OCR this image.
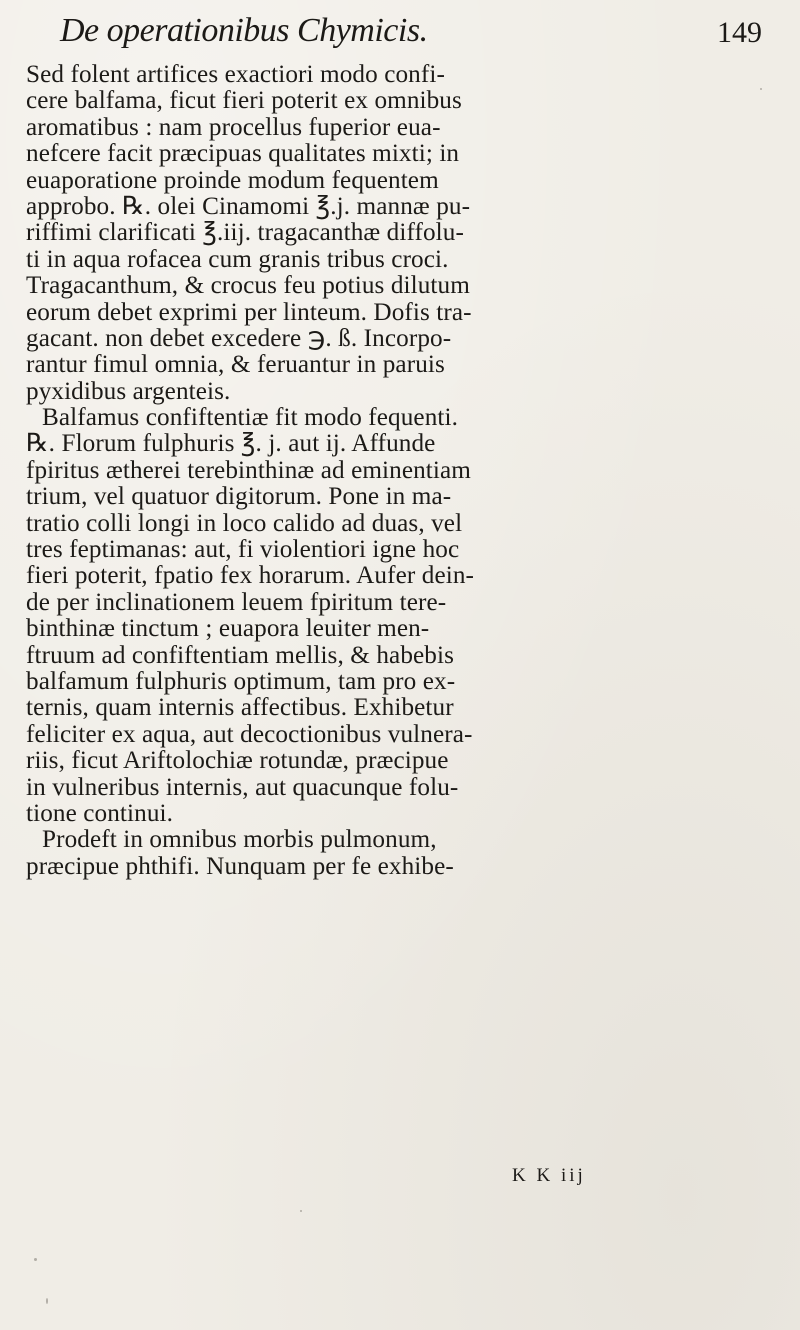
De operationibus Chymicis.	149
Sed folent artifices exactiori modo confi-
cere balfama, ficut fieri poterit ex omnibus
aromatibus : nam procellus fuperior eua-
nefcere facit præcipuas qualitates mixti; in
euaporatione proinde modum fequentem
approbo. ℞. olei Cinamomi ℥.j. mannæ pu-
riffimi clarificati ℥.iij. tragacanthæ diffolu-
ti in aqua rofacea cum granis tribus croci.
Tragacanthum, & crocus feu potius dilutum
eorum debet exprimi per linteum. Dofis tra-
gacant. non debet excedere ℈. ß. Incorpo-
rantur fimul omnia, & feruantur in paruis
pyxidibus argenteis.
Balfamus confiftentiæ fit modo fequenti.
℞. Florum fulphuris ℥. j. aut ij. Affunde
fpiritus ætherei terebinthinæ ad eminentiam
trium, vel quatuor digitorum. Pone in ma-
tratio colli longi in loco calido ad duas, vel
tres feptimanas: aut, fi violentiori igne hoc
fieri poterit, fpatio fex horarum. Aufer dein-
de per inclinationem leuem fpiritum tere-
binthinæ tinctum ; euapora leuiter men-
ftruum ad confiftentiam mellis, & habebis
balfamum fulphuris optimum, tam pro ex-
ternis, quam internis affectibus. Exhibetur
feliciter ex aqua, aut decoctionibus vulnera-
riis, ficut Ariftolochiæ rotundæ, præcipue
in vulneribus internis, aut quacunque folu-
tione continui.
Prodeft in omnibus morbis pulmonum,
præcipue phthifi. Nunquam per fe exhibe-
K K iij
